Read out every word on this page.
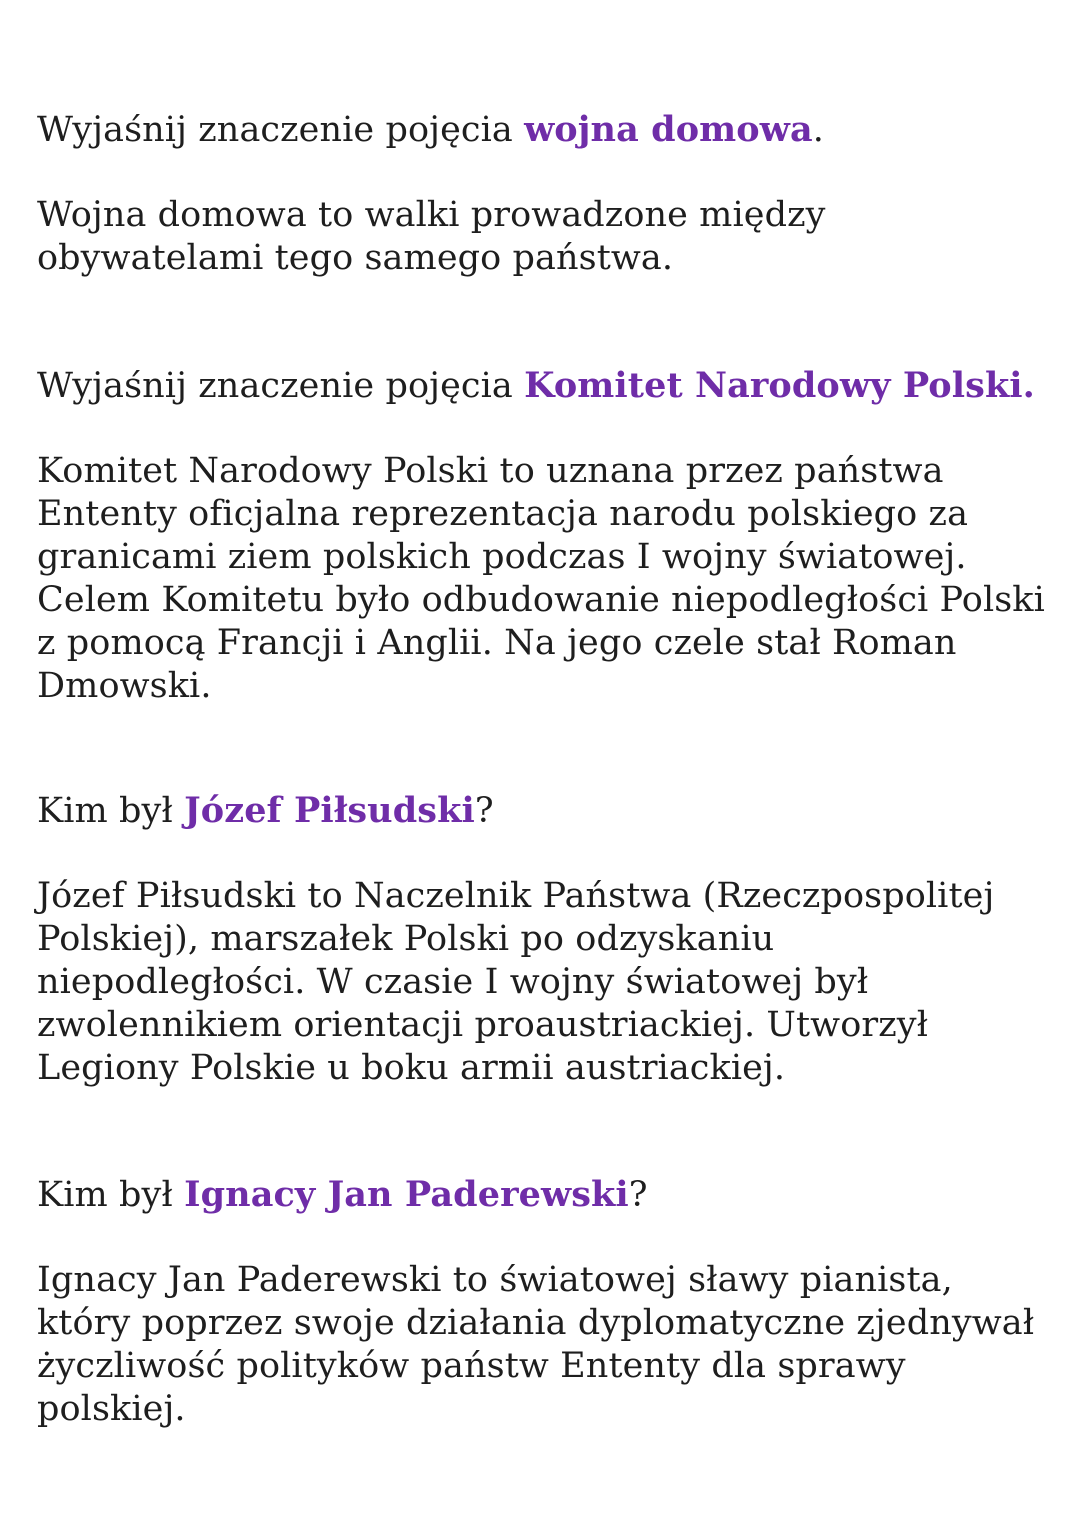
Wyjaśnij znaczenie pojęcia wojna domowa.

Wojna domowa to walki prowadzone między obywatelami tego samego państwa.

Wyjaśnij znaczenie pojęcia Komitet Narodowy Polski.

Komitet Narodowy Polski to uznana przez państwa Ententy oficjalna reprezentacja narodu polskiego za granicami ziem polskich podczas I wojny światowej. Celem Komitetu było odbudowanie niepodległości Polski z pomocą Francji i Anglii. Na jego czele stał Roman Dmowski.

Kim był Józef Piłsudski?

Józef Piłsudski to Naczelnik Państwa (Rzeczpospolitej Polskiej), marszałek Polski po odzyskaniu niepodległości. W czasie I wojny światowej był zwolennikiem orientacji proaustriackiej. Utworzył Legiony Polskie u boku armii austriackiej.

Kim był Ignacy Jan Paderewski?

Ignacy Jan Paderewski to światowej sławy pianista, który poprzez swoje działania dyplomatyczne zjednywał życzliwość polityków państw Ententy dla sprawy polskiej.
